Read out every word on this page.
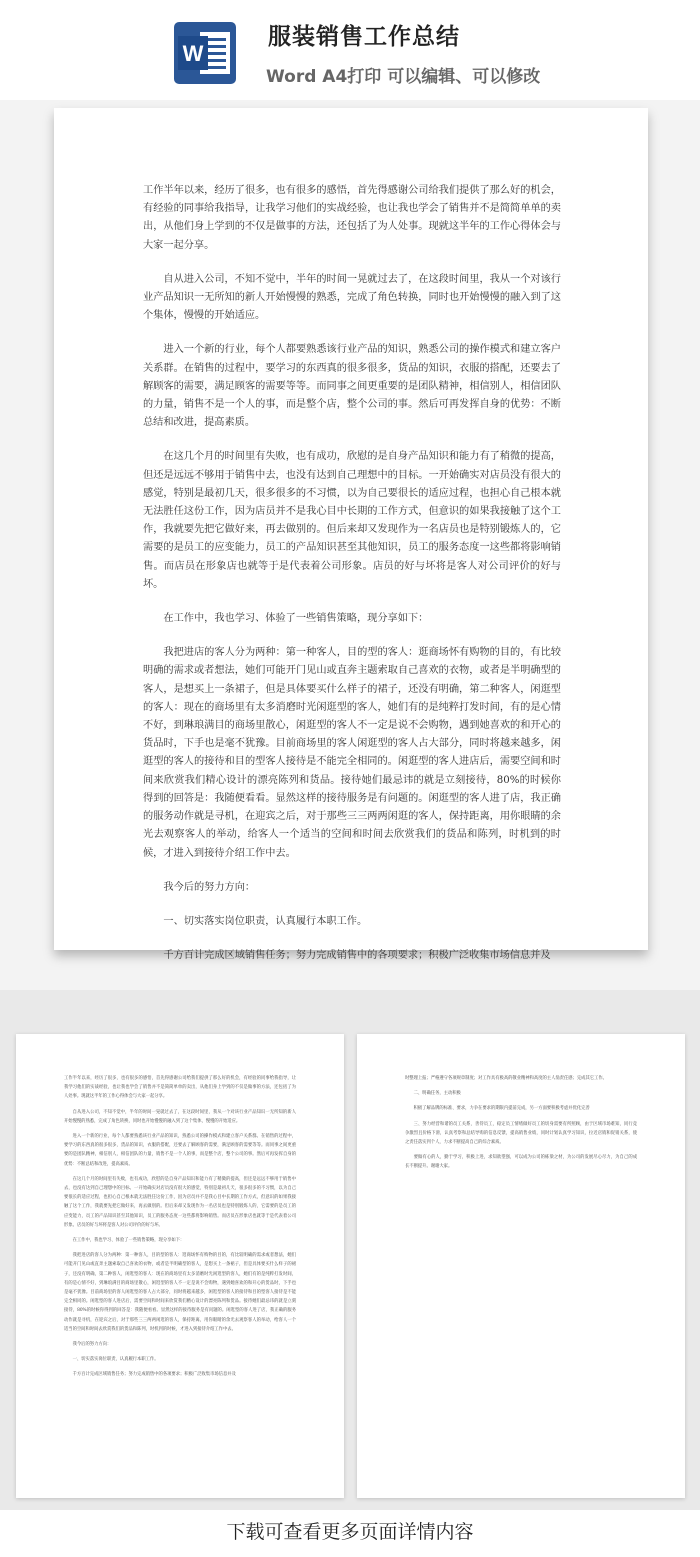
W
服装销售工作总结
Word A4打印 可以编辑、可以修改

工作半年以来，经历了很多，也有很多的感悟，首先得感谢公司给我们提供了那么好的机会，有经验的同事给我指导，让我学习他们的实战经验，也让我也学会了销售并不是简简单单的卖出，从他们身上学到的不仅是做事的方法，还包括了为人处事。现就这半年的工作心得体会与大家一起分享。

自从进入公司，不知不觉中，半年的时间一晃就过去了，在这段时间里，我从一个对该行业产品知识一无所知的新人开始慢慢的熟悉，完成了角色转换，同时也开始慢慢的融入到了这个集体，慢慢的开始适应。

进入一个新的行业，每个人都要熟悉该行业产品的知识，熟悉公司的操作模式和建立客户关系群。在销售的过程中，要学习的东西真的很多很多，货品的知识，衣服的搭配，还要去了解顾客的需要，满足顾客的需要等等。而同事之间更重要的是团队精神，相信别人，相信团队的力量，销售不是一个人的事，而是整个店，整个公司的事。然后可再发挥自身的优势：不断总结和改进，提高素质。

在这几个月的时间里有失败，也有成功，欣慰的是自身产品知识和能力有了稍微的提高，但还是远远不够用于销售中去，也没有达到自己理想中的目标。一开始确实对店员没有很大的感觉，特别是最初几天，很多很多的不习惯，以为自己要很长的适应过程，也担心自己根本就无法胜任这份工作，因为店员并不是我心目中长期的工作方式，但意识的如果我接触了这个工作，我就要先把它做好来，再去做别的。但后来却又发现作为一名店员也是特别锻炼人的，它需要的是员工的应变能力，员工的产品知识甚至其他知识，员工的服务态度一这些都将影响销售。而店员在形象店也就等于是代表着公司形象。店员的好与坏将是客人对公司评价的好与坏。

在工作中，我也学习、体验了一些销售策略，现分享如下：

我把进店的客人分为两种：第一种客人，目的型的客人：逛商场怀有购物的目的，有比较明确的需求或者想法，她们可能开门见山或直奔主题索取自己喜欢的衣物，或者是半明确型的客人，是想买上一条裙子，但是具体要买什么样子的裙子，还没有明确，第二种客人，闲逛型的客人：现在的商场里有太多消磨时光闲逛型的客人，她们有的是纯粹打发时间，有的是心情不好，到琳琅满目的商场里散心，闲逛型的客人不一定是说不会购物，遇到她喜欢的和开心的货品时，下手也是毫不犹豫。目前商场里的客人闲逛型的客人占大部分，同时将越来越多，闲逛型的客人的接待和目的型客人接待是不能完全相同的。闲逛型的客人进店后，需要空间和时间来欣赏我们精心设计的漂亮陈列和货品。接待她们最忌讳的就是立刻接待，80%的时候你得到的回答是：我随便看看。显然这样的接待服务是有问题的。闲逛型的客人进了店，我正确的服务动作就是寻机，在迎宾之后，对于那些三三两两闲逛的客人，保持距离，用你眼睛的余光去观察客人的举动，给客人一个适当的空间和时间去欣赏我们的货品和陈列，时机到的时候，才进入到接待介绍工作中去。

我今后的努力方向：

一、切实落实岗位职责，认真履行本职工作。

千方百计完成区域销售任务；努力完成销售中的各项要求；积极广泛收集市场信息并及

工作半年以来，经历了很多，也有很多的感悟，首先得感谢公司给我们提供了那么好的机会，有经验的同事给我指导，让我学习他们的实战经验，也让我也学会了销售并不是简简单单的卖出，从他们身上学到的不仅是做事的方法，还包括了为人处事。现就这半年的工作心得体会与大家一起分享。

自从进入公司，不知不觉中，半年的时间一晃就过去了，在这段时间里，我从一个对该行业产品知识一无所知的新人开始慢慢的熟悉，完成了角色转换，同时也开始慢慢的融入到了这个集体，慢慢的开始适应。

进入一个新的行业，每个人都要熟悉该行业产品的知识，熟悉公司的操作模式和建立客户关系群。在销售的过程中，要学习的东西真的很多很多，货品的知识，衣服的搭配，还要去了解顾客的需要，满足顾客的需要等等。而同事之间更重要的是团队精神，相信别人，相信团队的力量，销售不是一个人的事，而是整个店，整个公司的事。然后可再发挥自身的优势：不断总结和改进，提高素质。

在这几个月的时间里有失败，也有成功，欣慰的是自身产品知识和能力有了稍微的提高，但还是远远不够用于销售中去，也没有达到自己理想中的目标。一开始确实对店员没有很大的感觉，特别是最初几天，很多很多的不习惯，以为自己要很长的适应过程，也担心自己根本就无法胜任这份工作，因为店员并不是我心目中长期的工作方式，但意识的如果我接触了这个工作，我就要先把它做好来，再去做别的。但后来却又发现作为一名店员也是特别锻炼人的，它需要的是员工的应变能力，员工的产品知识甚至其他知识，员工的服务态度一这些都将影响销售。而店员在形象店也就等于是代表着公司形象。店员的好与坏将是客人对公司评价的好与坏。

在工作中，我也学习、体验了一些销售策略，现分享如下：

我把进店的客人分为两种：第一种客人，目的型的客人：逛商场怀有购物的目的，有比较明确的需求或者想法，她们可能开门见山或直奔主题索取自己喜欢的衣物，或者是半明确型的客人，是想买上一条裙子，但是具体要买什么样子的裙子，还没有明确，第二种客人，闲逛型的客人：现在的商场里有太多消磨时光闲逛型的客人，她们有的是纯粹打发时间，有的是心情不好，到琳琅满目的商场里散心，闲逛型的客人不一定是说不会购物，遇到她喜欢的和开心的货品时，下手也是毫不犹豫。目前商场里的客人闲逛型的客人占大部分，同时将越来越多，闲逛型的客人的接待和目的型客人接待是不能完全相同的。闲逛型的客人进店后，需要空间和时间来欣赏我们精心设计的漂亮陈列和货品。接待她们最忌讳的就是立刻接待，80%的时候你得到的回答是：我随便看看。显然这样的接待服务是有问题的。闲逛型的客人进了店，我正确的服务动作就是寻机，在迎宾之后，对于那些三三两两闲逛的客人，保持距离，用你眼睛的余光去观察客人的举动，给客人一个适当的空间和时间去欣赏我们的货品和陈列，时机到的时候，才进入到接待介绍工作中去。

我今后的努力方向：

一、切实落实岗位职责，认真履行本职工作。

千方百计完成区域销售任务；努力完成销售中的各项要求；积极广泛收集市场信息并及

时整理上报；严格遵守各项规章制度；对工作具有极高的敬业精神和高度的主人翁责任感；完成其它工作。

二、明确任务，主动积极

积极了解品牌的标准、要求，力争在要求的期限内提前完成，另一方面要积极考虑并优化完善

三、努力经营和谐的员工关系，善待员工，稳定员工情绪做好员工的切身需要有所照顾，由于区域市场难知，同行竞争激烈且价格下滑，认真考察和总结导购的信息反馈，提高销售业绩，同时计划认真学习知识，拉近店销和促销关系，使之责任落实到个人，力求不断提高自己的综合素质。

要做有心的人，勤于学习，积极上进，求知欲望强，可以成为公司的栋梁之材，为公司的发展尽心尽力，为自己的成长不断提升。谢谢大家。

下载可查看更多页面详情内容
